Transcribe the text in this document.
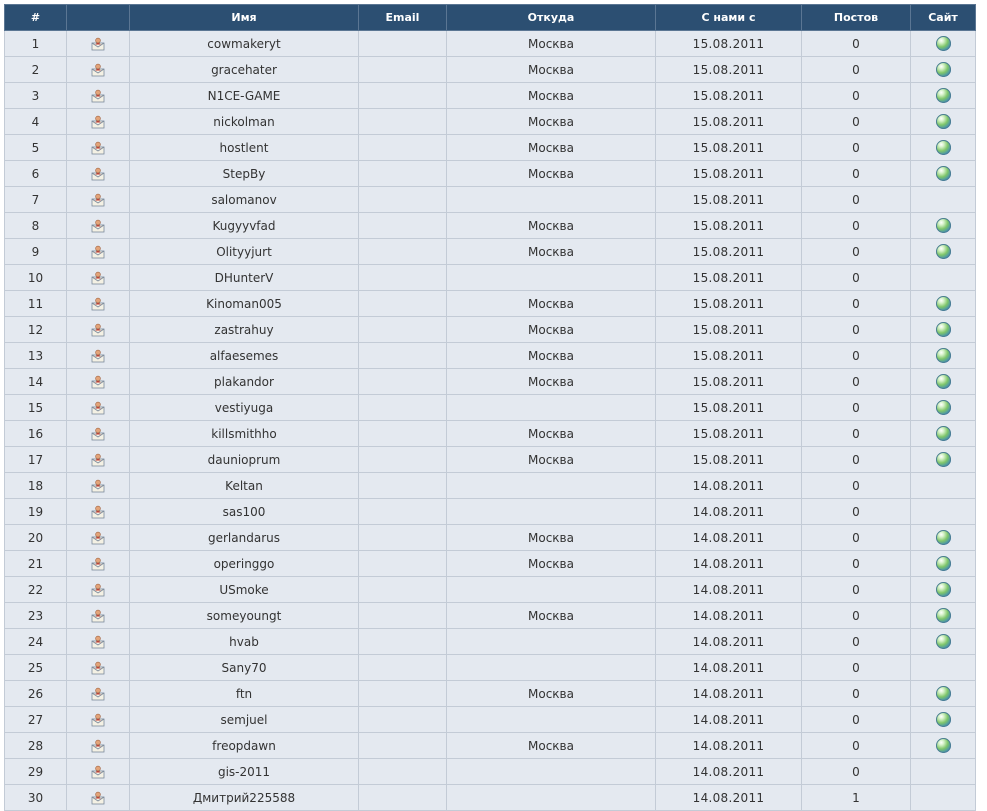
#		Имя	Email	Откуда	С нами с	Постов	Сайт
1		cowmakeryt		Москва	15.08.2011	0	
2		gracehater		Москва	15.08.2011	0	
3		N1CE-GAME		Москва	15.08.2011	0	
4		nickolman		Москва	15.08.2011	0	
5		hostlent		Москва	15.08.2011	0	
6		StepBy		Москва	15.08.2011	0	
7		salomanov			15.08.2011	0	
8		Kugyyvfad		Москва	15.08.2011	0	
9		Olityyjurt		Москва	15.08.2011	0	
10		DHunterV			15.08.2011	0	
11		Kinoman005		Москва	15.08.2011	0	
12		zastrahuy		Москва	15.08.2011	0	
13		alfaesemes		Москва	15.08.2011	0	
14		plakandor		Москва	15.08.2011	0	
15		vestiyuga			15.08.2011	0	
16		killsmithho		Москва	15.08.2011	0	
17		daunioprum		Москва	15.08.2011	0	
18		Keltan			14.08.2011	0	
19		sas100			14.08.2011	0	
20		gerlandarus		Москва	14.08.2011	0	
21		operinggo		Москва	14.08.2011	0	
22		USmoke			14.08.2011	0	
23		someyoungt		Москва	14.08.2011	0	
24		hvab			14.08.2011	0	
25		Sany70			14.08.2011	0	
26		ftn		Москва	14.08.2011	0	
27		semjuel			14.08.2011	0	
28		freopdawn		Москва	14.08.2011	0	
29		gis-2011			14.08.2011	0	
30		Дмитрий225588			14.08.2011	1	
